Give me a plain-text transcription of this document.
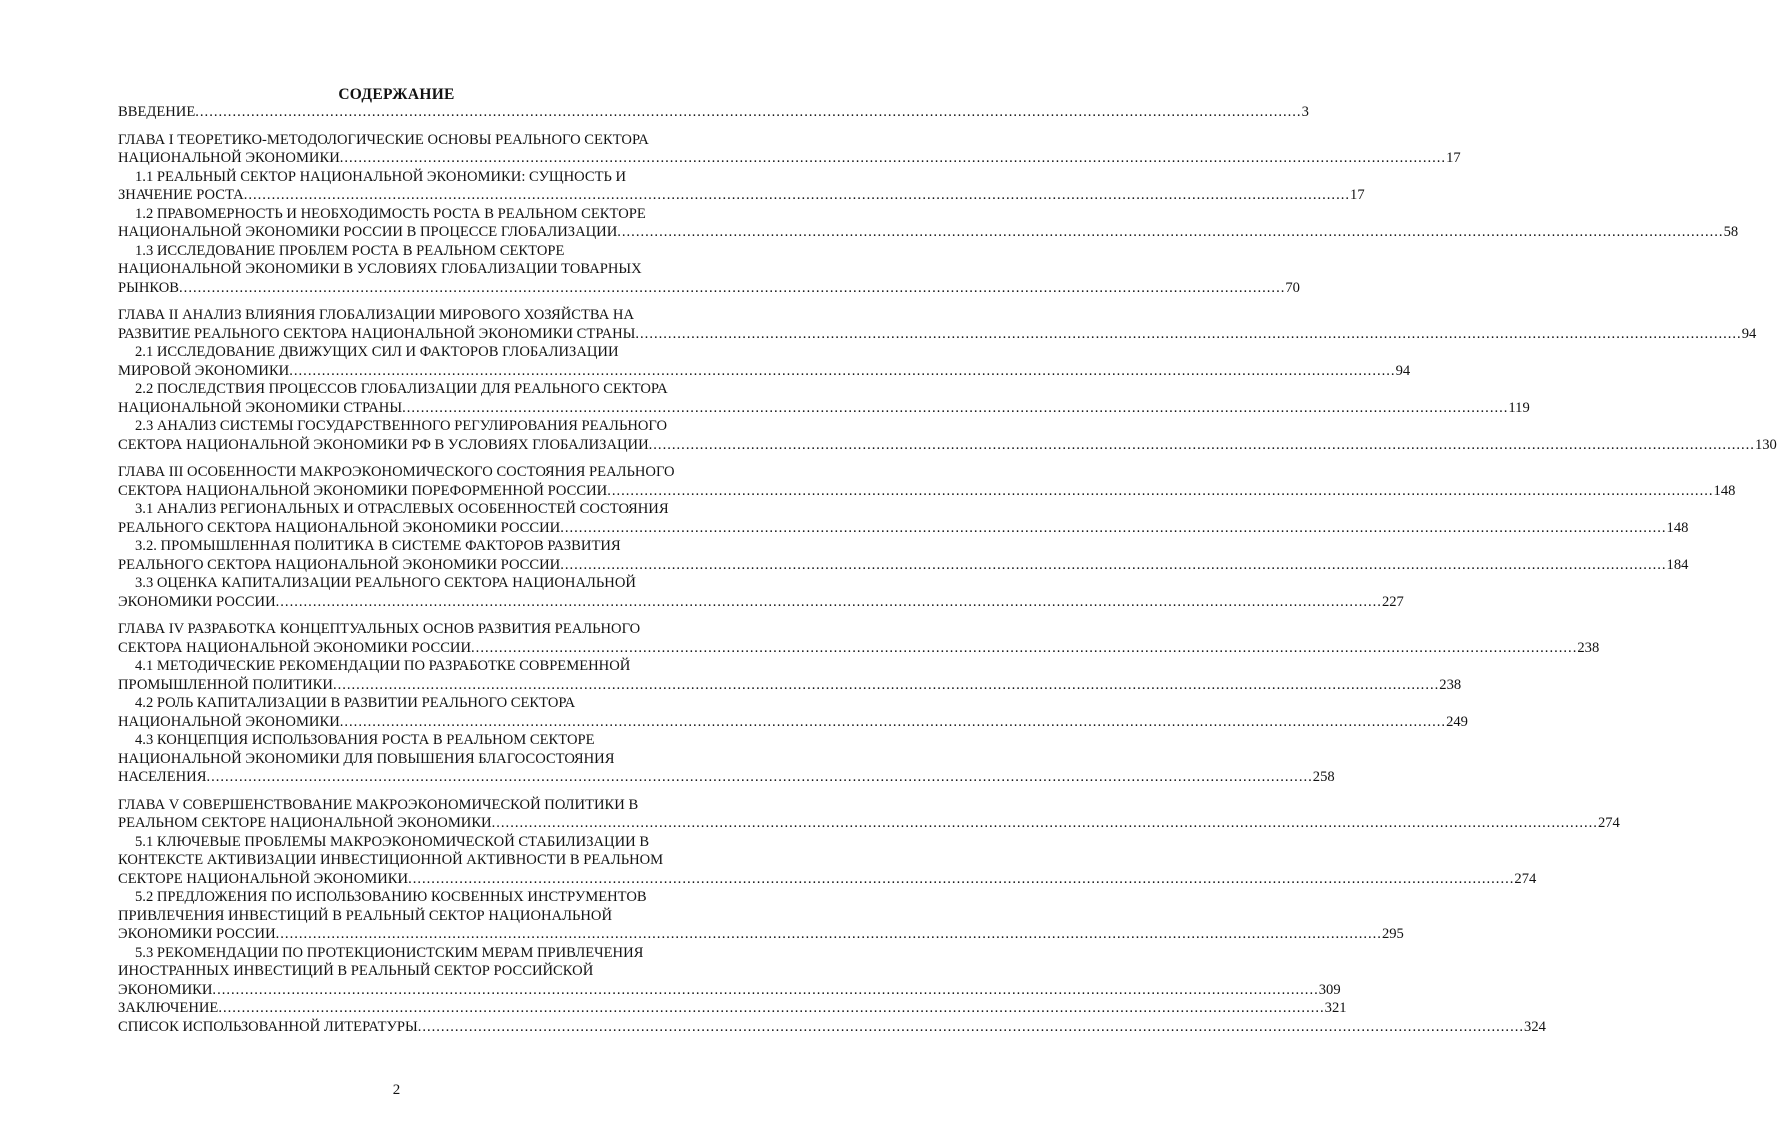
СОДЕРЖАНИЕ
ВВЕДЕНИЕ .....	3
ГЛАВА I ТЕОРЕТИКО-МЕТОДОЛОГИЧЕСКИЕ ОСНОВЫ РЕАЛЬНОГО СЕКТОРА
НАЦИОНАЛЬНОЙ ЭКОНОМИКИ .....	17
1.1 РЕАЛЬНЫЙ СЕКТОР НАЦИОНАЛЬНОЙ ЭКОНОМИКИ: СУЩНОСТЬ И
ЗНАЧЕНИЕ РОСТА .....	17
1.2 ПРАВОМЕРНОСТЬ И НЕОБХОДИМОСТЬ РОСТА В РЕАЛЬНОМ СЕКТОРЕ
НАЦИОНАЛЬНОЙ ЭКОНОМИКИ РОССИИ В ПРОЦЕССЕ ГЛОБАЛИЗАЦИИ .....	58
1.3 ИССЛЕДОВАНИЕ ПРОБЛЕМ РОСТА В РЕАЛЬНОМ СЕКТОРЕ
НАЦИОНАЛЬНОЙ ЭКОНОМИКИ В УСЛОВИЯХ ГЛОБАЛИЗАЦИИ ТОВАРНЫХ
РЫНКОВ .....	70
ГЛАВА II АНАЛИЗ ВЛИЯНИЯ ГЛОБАЛИЗАЦИИ МИРОВОГО ХОЗЯЙСТВА НА
РАЗВИТИЕ РЕАЛЬНОГО СЕКТОРА НАЦИОНАЛЬНОЙ ЭКОНОМИКИ СТРАНЫ .....	94
2.1 ИССЛЕДОВАНИЕ ДВИЖУЩИХ СИЛ И ФАКТОРОВ ГЛОБАЛИЗАЦИИ
МИРОВОЙ ЭКОНОМИКИ .....	94
2.2 ПОСЛЕДСТВИЯ ПРОЦЕССОВ ГЛОБАЛИЗАЦИИ ДЛЯ РЕАЛЬНОГО СЕКТОРА
НАЦИОНАЛЬНОЙ ЭКОНОМИКИ СТРАНЫ .....	119
2.3 АНАЛИЗ СИСТЕМЫ ГОСУДАРСТВЕННОГО РЕГУЛИРОВАНИЯ РЕАЛЬНОГО
СЕКТОРА НАЦИОНАЛЬНОЙ ЭКОНОМИКИ РФ В УСЛОВИЯХ ГЛОБАЛИЗАЦИИ .....	130
ГЛАВА III ОСОБЕННОСТИ МАКРОЭКОНОМИЧЕСКОГО СОСТОЯНИЯ РЕАЛЬНОГО
СЕКТОРА НАЦИОНАЛЬНОЙ ЭКОНОМИКИ ПОРЕФОРМЕННОЙ РОССИИ .....	148
3.1 АНАЛИЗ РЕГИОНАЛЬНЫХ И ОТРАСЛЕВЫХ ОСОБЕННОСТЕЙ СОСТОЯНИЯ
РЕАЛЬНОГО СЕКТОРА НАЦИОНАЛЬНОЙ ЭКОНОМИКИ РОССИИ .....	148
3.2. ПРОМЫШЛЕННАЯ ПОЛИТИКА В СИСТЕМЕ ФАКТОРОВ РАЗВИТИЯ
РЕАЛЬНОГО СЕКТОРА НАЦИОНАЛЬНОЙ ЭКОНОМИКИ РОССИИ .....	184
3.3 ОЦЕНКА КАПИТАЛИЗАЦИИ РЕАЛЬНОГО СЕКТОРА НАЦИОНАЛЬНОЙ
ЭКОНОМИКИ РОССИИ .....	227
ГЛАВА IV РАЗРАБОТКА КОНЦЕПТУАЛЬНЫХ ОСНОВ РАЗВИТИЯ РЕАЛЬНОГО
СЕКТОРА НАЦИОНАЛЬНОЙ ЭКОНОМИКИ РОССИИ .....	238
4.1 МЕТОДИЧЕСКИЕ РЕКОМЕНДАЦИИ ПО РАЗРАБОТКЕ СОВРЕМЕННОЙ
ПРОМЫШЛЕННОЙ ПОЛИТИКИ .....	238
4.2 РОЛЬ КАПИТАЛИЗАЦИИ В РАЗВИТИИ РЕАЛЬНОГО СЕКТОРА
НАЦИОНАЛЬНОЙ ЭКОНОМИКИ .....	249
4.3 КОНЦЕПЦИЯ ИСПОЛЬЗОВАНИЯ РОСТА В РЕАЛЬНОМ СЕКТОРЕ
НАЦИОНАЛЬНОЙ ЭКОНОМИКИ ДЛЯ ПОВЫШЕНИЯ БЛАГОСОСТОЯНИЯ
НАСЕЛЕНИЯ .....	258
ГЛАВА V СОВЕРШЕНСТВОВАНИЕ МАКРОЭКОНОМИЧЕСКОЙ ПОЛИТИКИ В
РЕАЛЬНОМ СЕКТОРЕ НАЦИОНАЛЬНОЙ ЭКОНОМИКИ .....	274
5.1 КЛЮЧЕВЫЕ ПРОБЛЕМЫ МАКРОЭКОНОМИЧЕСКОЙ СТАБИЛИЗАЦИИ В
КОНТЕКСТЕ АКТИВИЗАЦИИ ИНВЕСТИЦИОННОЙ АКТИВНОСТИ В РЕАЛЬНОМ
СЕКТОРЕ НАЦИОНАЛЬНОЙ ЭКОНОМИКИ .....	274
5.2 ПРЕДЛОЖЕНИЯ ПО ИСПОЛЬЗОВАНИЮ КОСВЕННЫХ ИНСТРУМЕНТОВ
ПРИВЛЕЧЕНИЯ ИНВЕСТИЦИЙ В РЕАЛЬНЫЙ СЕКТОР НАЦИОНАЛЬНОЙ
ЭКОНОМИКИ РОССИИ .....	295
5.3 РЕКОМЕНДАЦИИ ПО ПРОТЕКЦИОНИСТСКИМ МЕРАМ ПРИВЛЕЧЕНИЯ
ИНОСТРАННЫХ ИНВЕСТИЦИЙ В РЕАЛЬНЫЙ СЕКТОР РОССИЙСКОЙ
ЭКОНОМИКИ .....	309
ЗАКЛЮЧЕНИЕ .....	321
СПИСОК ИСПОЛЬЗОВАННОЙ ЛИТЕРАТУРЫ .....	324
2
